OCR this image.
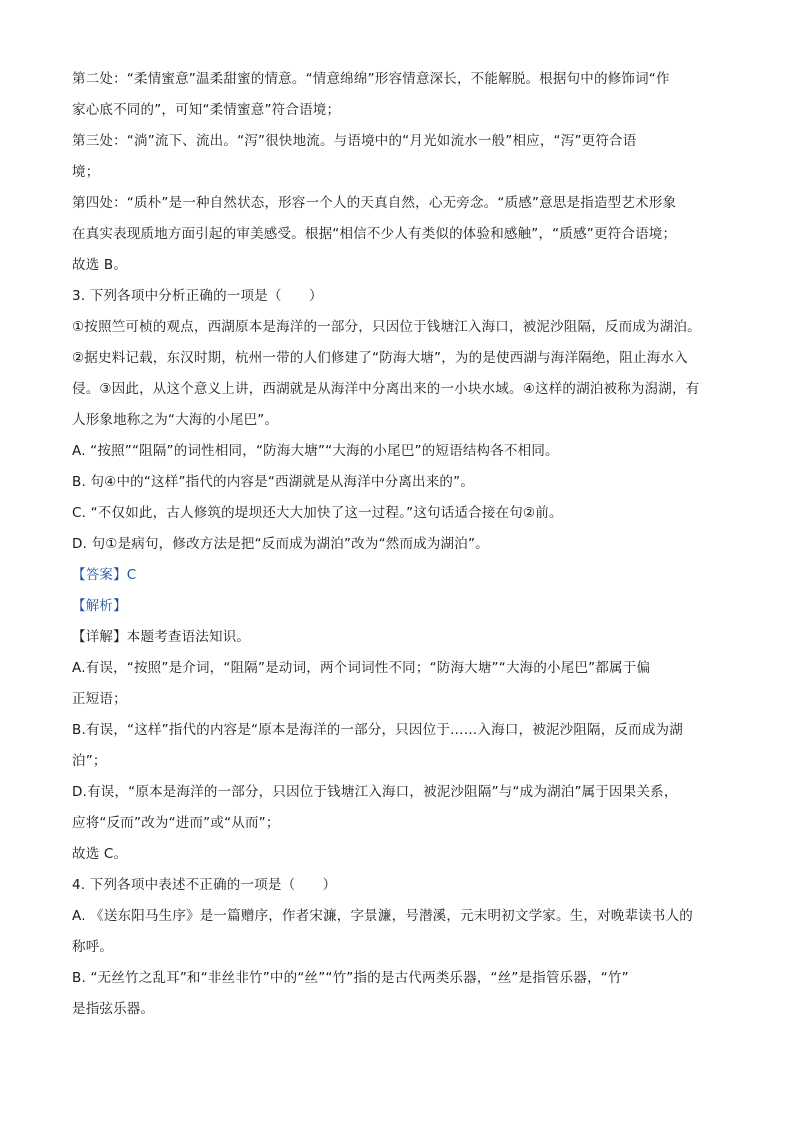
第二处：“柔情蜜意”温柔甜蜜的情意。“情意绵绵”形容情意深长，不能解脱。根据句中的修饰词“作
家心底不同的”，可知“柔情蜜意”符合语境；
第三处：“淌”流下、流出。“泻”很快地流。与语境中的“月光如流水一般”相应，“泻”更符合语
境；
第四处：“质朴”是一种自然状态，形容一个人的天真自然，心无旁念。“质感”意思是指造型艺术形象
在真实表现质地方面引起的审美感受。根据“相信不少人有类似的体验和感触”，“质感”更符合语境；
故选 B。
3. 下列各项中分析正确的一项是（　　）
①按照竺可桢的观点，西湖原本是海洋的一部分，只因位于钱塘江入海口，被泥沙阻隔，反而成为湖泊。
②据史料记载，东汉时期，杭州一带的人们修建了“防海大塘”，为的是使西湖与海洋隔绝，阻止海水入
侵。③因此，从这个意义上讲，西湖就是从海洋中分离出来的一小块水域。④这样的湖泊被称为潟湖，有
人形象地称之为“大海的小尾巴”。
A. “按照”“阻隔”的词性相同，“防海大塘”“大海的小尾巴”的短语结构各不相同。
B. 句④中的“这样”指代的内容是“西湖就是从海洋中分离出来的”。
C. “不仅如此，古人修筑的堤坝还大大加快了这一过程。”这句话适合接在句②前。
D. 句①是病句，修改方法是把“反而成为湖泊”改为“然而成为湖泊”。
【答案】C
【解析】
【详解】本题考查语法知识。
A.有误，“按照”是介词，“阻隔”是动词，两个词词性不同；“防海大塘”“大海的小尾巴”都属于偏
正短语；
B.有误，“这样”指代的内容是“原本是海洋的一部分，只因位于……入海口，被泥沙阻隔，反而成为湖
泊”；
D.有误，“原本是海洋的一部分，只因位于钱塘江入海口，被泥沙阻隔”与“成为湖泊”属于因果关系，
应将“反而”改为“进而”或“从而”；
故选 C。
4. 下列各项中表述不正确的一项是（　　）
A. 《送东阳马生序》是一篇赠序，作者宋濂，字景濂，号潜溪，元末明初文学家。生，对晚辈读书人的
称呼。
B. “无丝竹之乱耳”和“非丝非竹”中的“丝”“竹”指的是古代两类乐器，“丝”是指管乐器，“竹”
是指弦乐器。
